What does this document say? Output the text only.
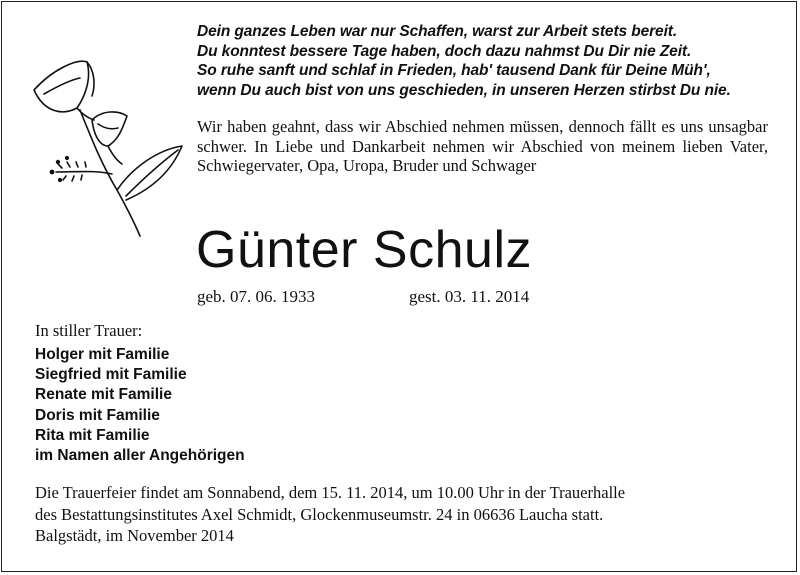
Dein ganzes Leben war nur Schaffen, warst zur Arbeit stets bereit.
Du konntest bessere Tage haben, doch dazu nahmst Du Dir nie Zeit.
So ruhe sanft und schlaf in Frieden, hab' tausend Dank für Deine Müh',
wenn Du auch bist von uns geschieden, in unseren Herzen stirbst Du nie.
Wir haben geahnt, dass wir Abschied nehmen müssen, dennoch fällt es uns unsagbar schwer. In Liebe und Dankarbeit nehmen wir Abschied von meinem lieben Vater, Schwiegervater, Opa, Uropa, Bruder und Schwager
Günter Schulz
geb. 07. 06. 1933	gest. 03. 11. 2014
In stiller Trauer:
Holger mit Familie
Siegfried mit Familie
Renate mit Familie
Doris mit Familie
Rita mit Familie
im Namen aller Angehörigen
Die Trauerfeier findet am Sonnabend, dem 15. 11. 2014, um 10.00 Uhr in der Trauerhalle
des Bestattungsinstitutes Axel Schmidt, Glockenmuseumstr. 24 in 06636 Laucha statt.
Balgstädt, im November 2014
